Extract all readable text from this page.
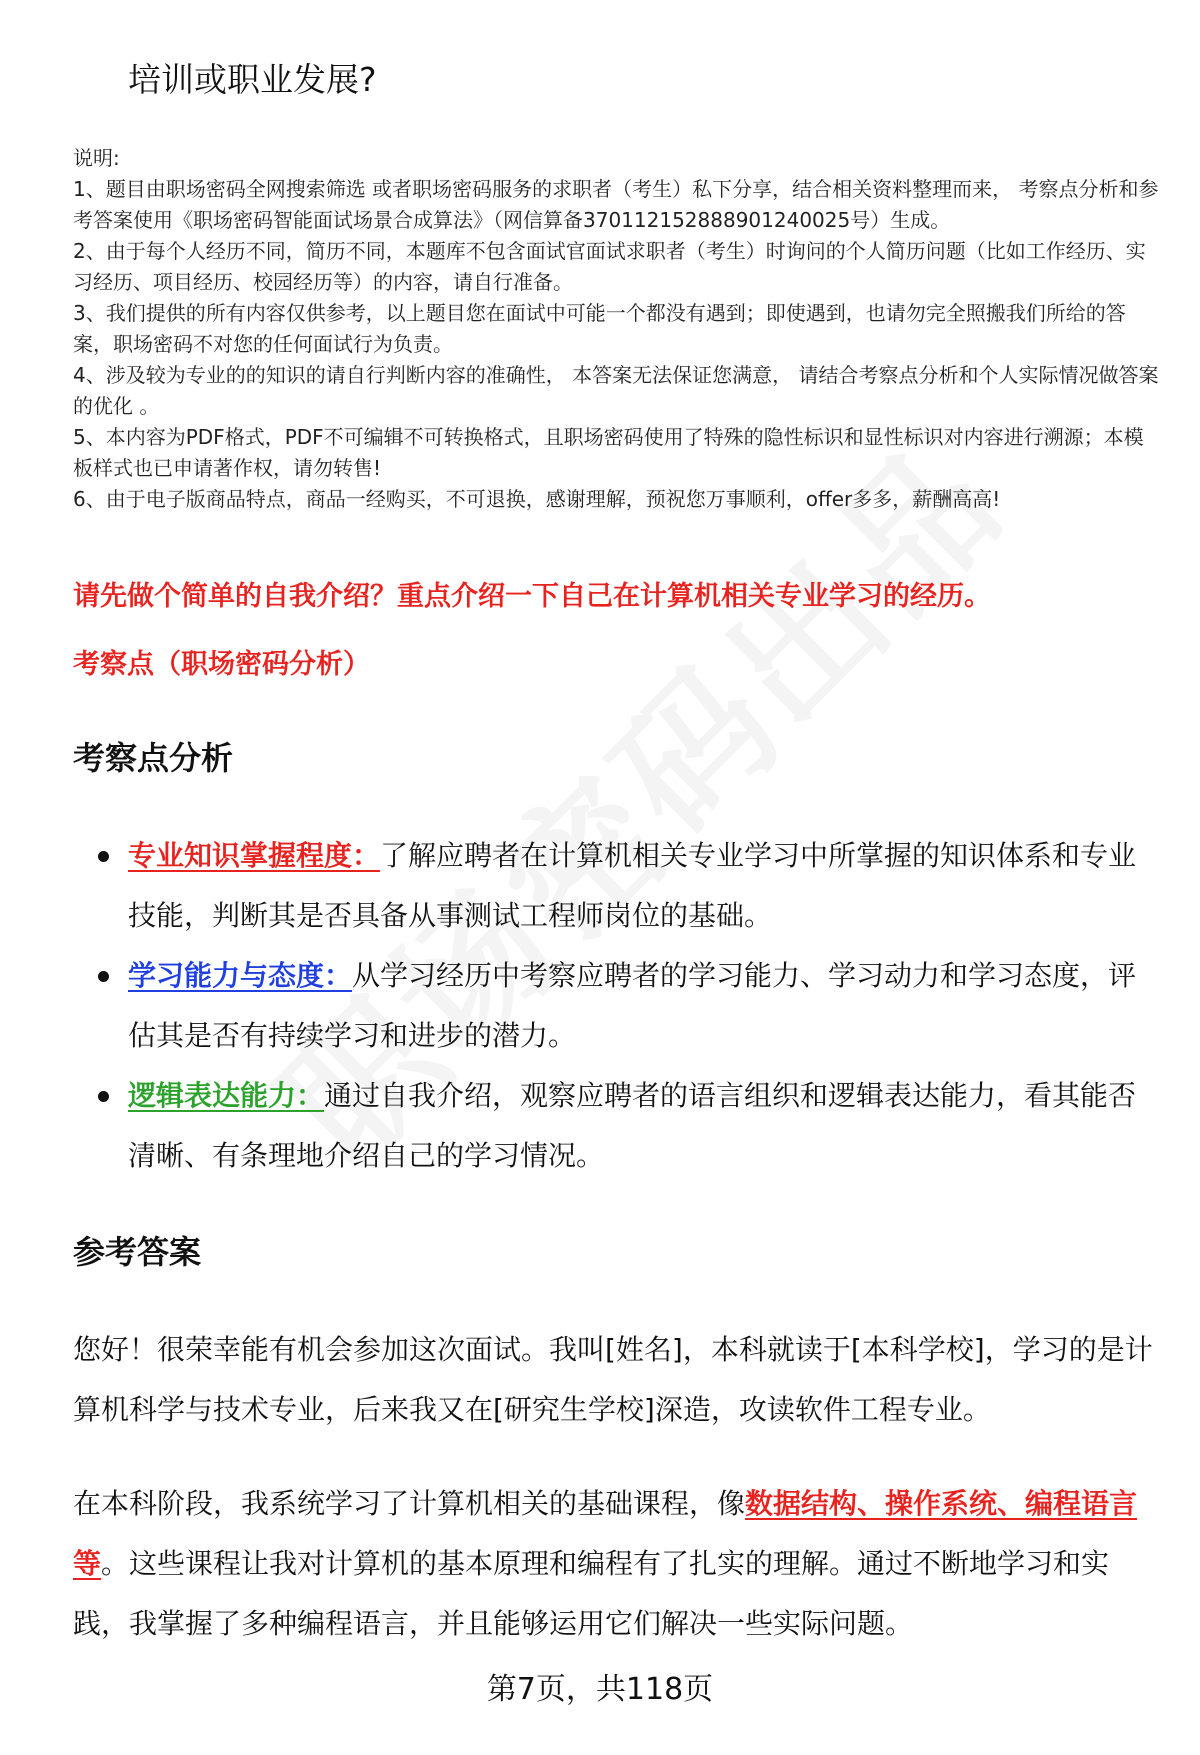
培训或职业发展?

说明:

1、题目由职场密码全网搜索筛选 或者职场密码服务的求职者（考生）私下分享，结合相关资料整理而来， 考察点分析和参考答案使用《职场密码智能面试场景合成算法》（网信算备370112152888901240025号）生成。

2、由于每个人经历不同，简历不同，本题库不包含面试官面试求职者（考生）时询问的个人简历问题（比如工作经历、实习经历、项目经历、校园经历等）的内容，请自行准备。

3、我们提供的所有内容仅供参考，以上题目您在面试中可能一个都没有遇到；即使遇到，也请勿完全照搬我们所给的答案，职场密码不对您的任何面试行为负责。

4、涉及较为专业的的知识的请自行判断内容的准确性， 本答案无法保证您满意， 请结合考察点分析和个人实际情况做答案的优化 。

5、本内容为PDF格式，PDF不可编辑不可转换格式，且职场密码使用了特殊的隐性标识和显性标识对内容进行溯源；本模板样式也已申请著作权，请勿转售!

6、由于电子版商品特点，商品一经购买，不可退换，感谢理解，预祝您万事顺利，offer多多，薪酬高高!

请先做个简单的自我介绍？重点介绍一下自己在计算机相关专业学习的经历。
考察点（职场密码分析）
考察点分析
专业知识掌握程度：了解应聘者在计算机相关专业学习中所掌握的知识体系和专业技能，判断其是否具备从事测试工程师岗位的基础。
学习能力与态度：从学习经历中考察应聘者的学习能力、学习动力和学习态度，评估其是否有持续学习和进步的潜力。
逻辑表达能力：通过自我介绍，观察应聘者的语言组织和逻辑表达能力，看其能否清晰、有条理地介绍自己的学习情况。
参考答案

您好！很荣幸能有机会参加这次面试。我叫[姓名]，本科就读于[本科学校]，学习的是计算机科学与技术专业，后来我又在[研究生学校]深造，攻读软件工程专业。

在本科阶段，我系统学习了计算机相关的基础课程，像数据结构、操作系统、编程语言等。这些课程让我对计算机的基本原理和编程有了扎实的理解。通过不断地学习和实践，我掌握了多种编程语言，并且能够运用它们解决一些实际问题。

第7页，共118页
